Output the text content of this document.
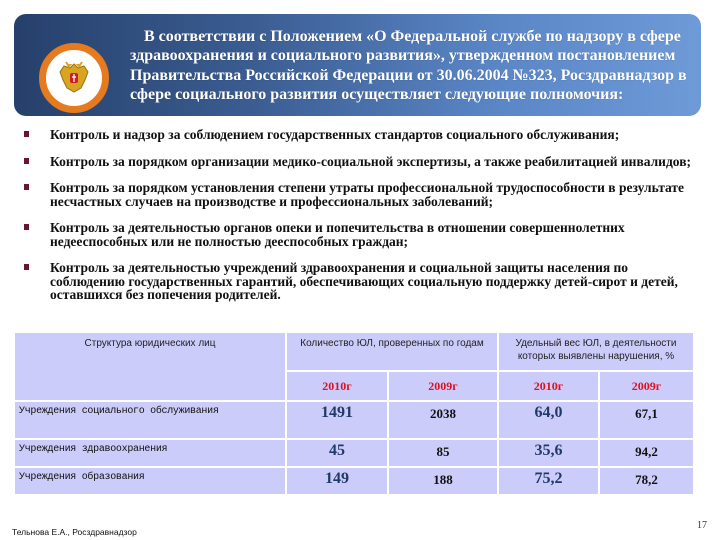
В соответствии с Положением «О Федеральной службе по надзору в сфере здравоохранения и социального развития», утвержденном постановлением Правительства Российской Федерации от 30.06.2004 №323, Росздравнадзор в сфере социального развития осуществляет следующие полномочия:
Контроль и надзор за соблюдением государственных стандартов социального обслуживания;
Контроль за порядком организации медико-социальной экспертизы, а также реабилитацией инвалидов;
Контроль за порядком установления степени утраты профессиональной трудоспособности в результате несчастных случаев на производстве и профессиональных заболеваний;
Контроль за деятельностью органов опеки и попечительства в отношении совершеннолетних недееспособных или не полностью дееспособных граждан;
Контроль за деятельностью учреждений здравоохранения и социальной защиты населения по соблюдению государственных гарантий, обеспечивающих социальную поддержку детей-сирот и детей, оставшихся без попечения родителей.
Структура юридических лиц	Количество ЮЛ, проверенных по годам		Удельный вес ЮЛ, в деятельности которых выявлены нарушения, %	
	2010г	2009г	2010г	2009г
Учреждения социального обслуживания	1491	2038	64,0	67,1
Учреждения здравоохранения	45	85	35,6	94,2
Учреждения образования	149	188	75,2	78,2
Тельнова Е.А., Росздравнадзор
17
